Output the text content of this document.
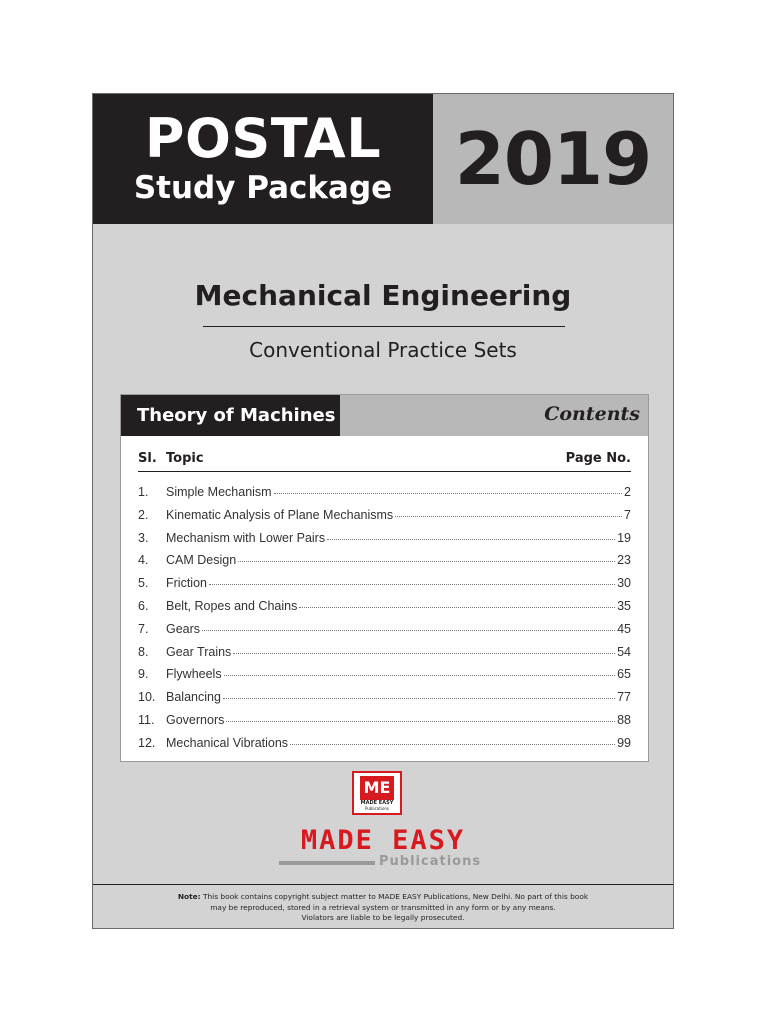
POSTAL
Study Package 2019
Mechanical Engineering
Conventional Practice Sets
Theory of Machines	Contents
Sl. Topic	Page No.
1.	Simple Mechanism	2
2.	Kinematic Analysis of Plane Mechanisms	7
3.	Mechanism with Lower Pairs	19
4.	CAM Design	23
5.	Friction	30
6.	Belt, Ropes and Chains	35
7.	Gears	45
8.	Gear Trains	54
9.	Flywheels	65
10. Balancing	77
11. Governors	88
12. Mechanical Vibrations	99
ME
MADE EASY
Publications
MADE EASY
Publications
Note: This book contains copyright subject matter to MADE EASY Publications, New Delhi. No part of this book
may be reproduced, stored in a retrieval system or transmitted in any form or by any means.
Violators are liable to be legally prosecuted.
